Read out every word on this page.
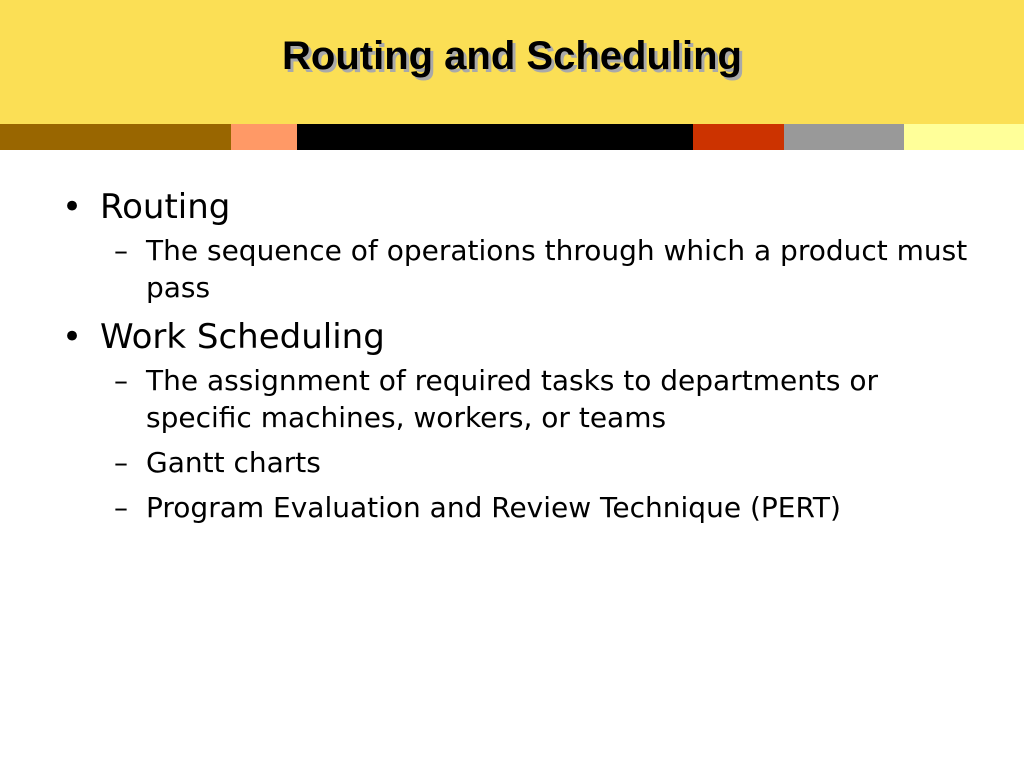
Routing and Scheduling
• Routing
– The sequence of operations through which a product must pass
• Work Scheduling
– The assignment of required tasks to departments or specific machines, workers, or teams
– Gantt charts
– Program Evaluation and Review Technique (PERT)
